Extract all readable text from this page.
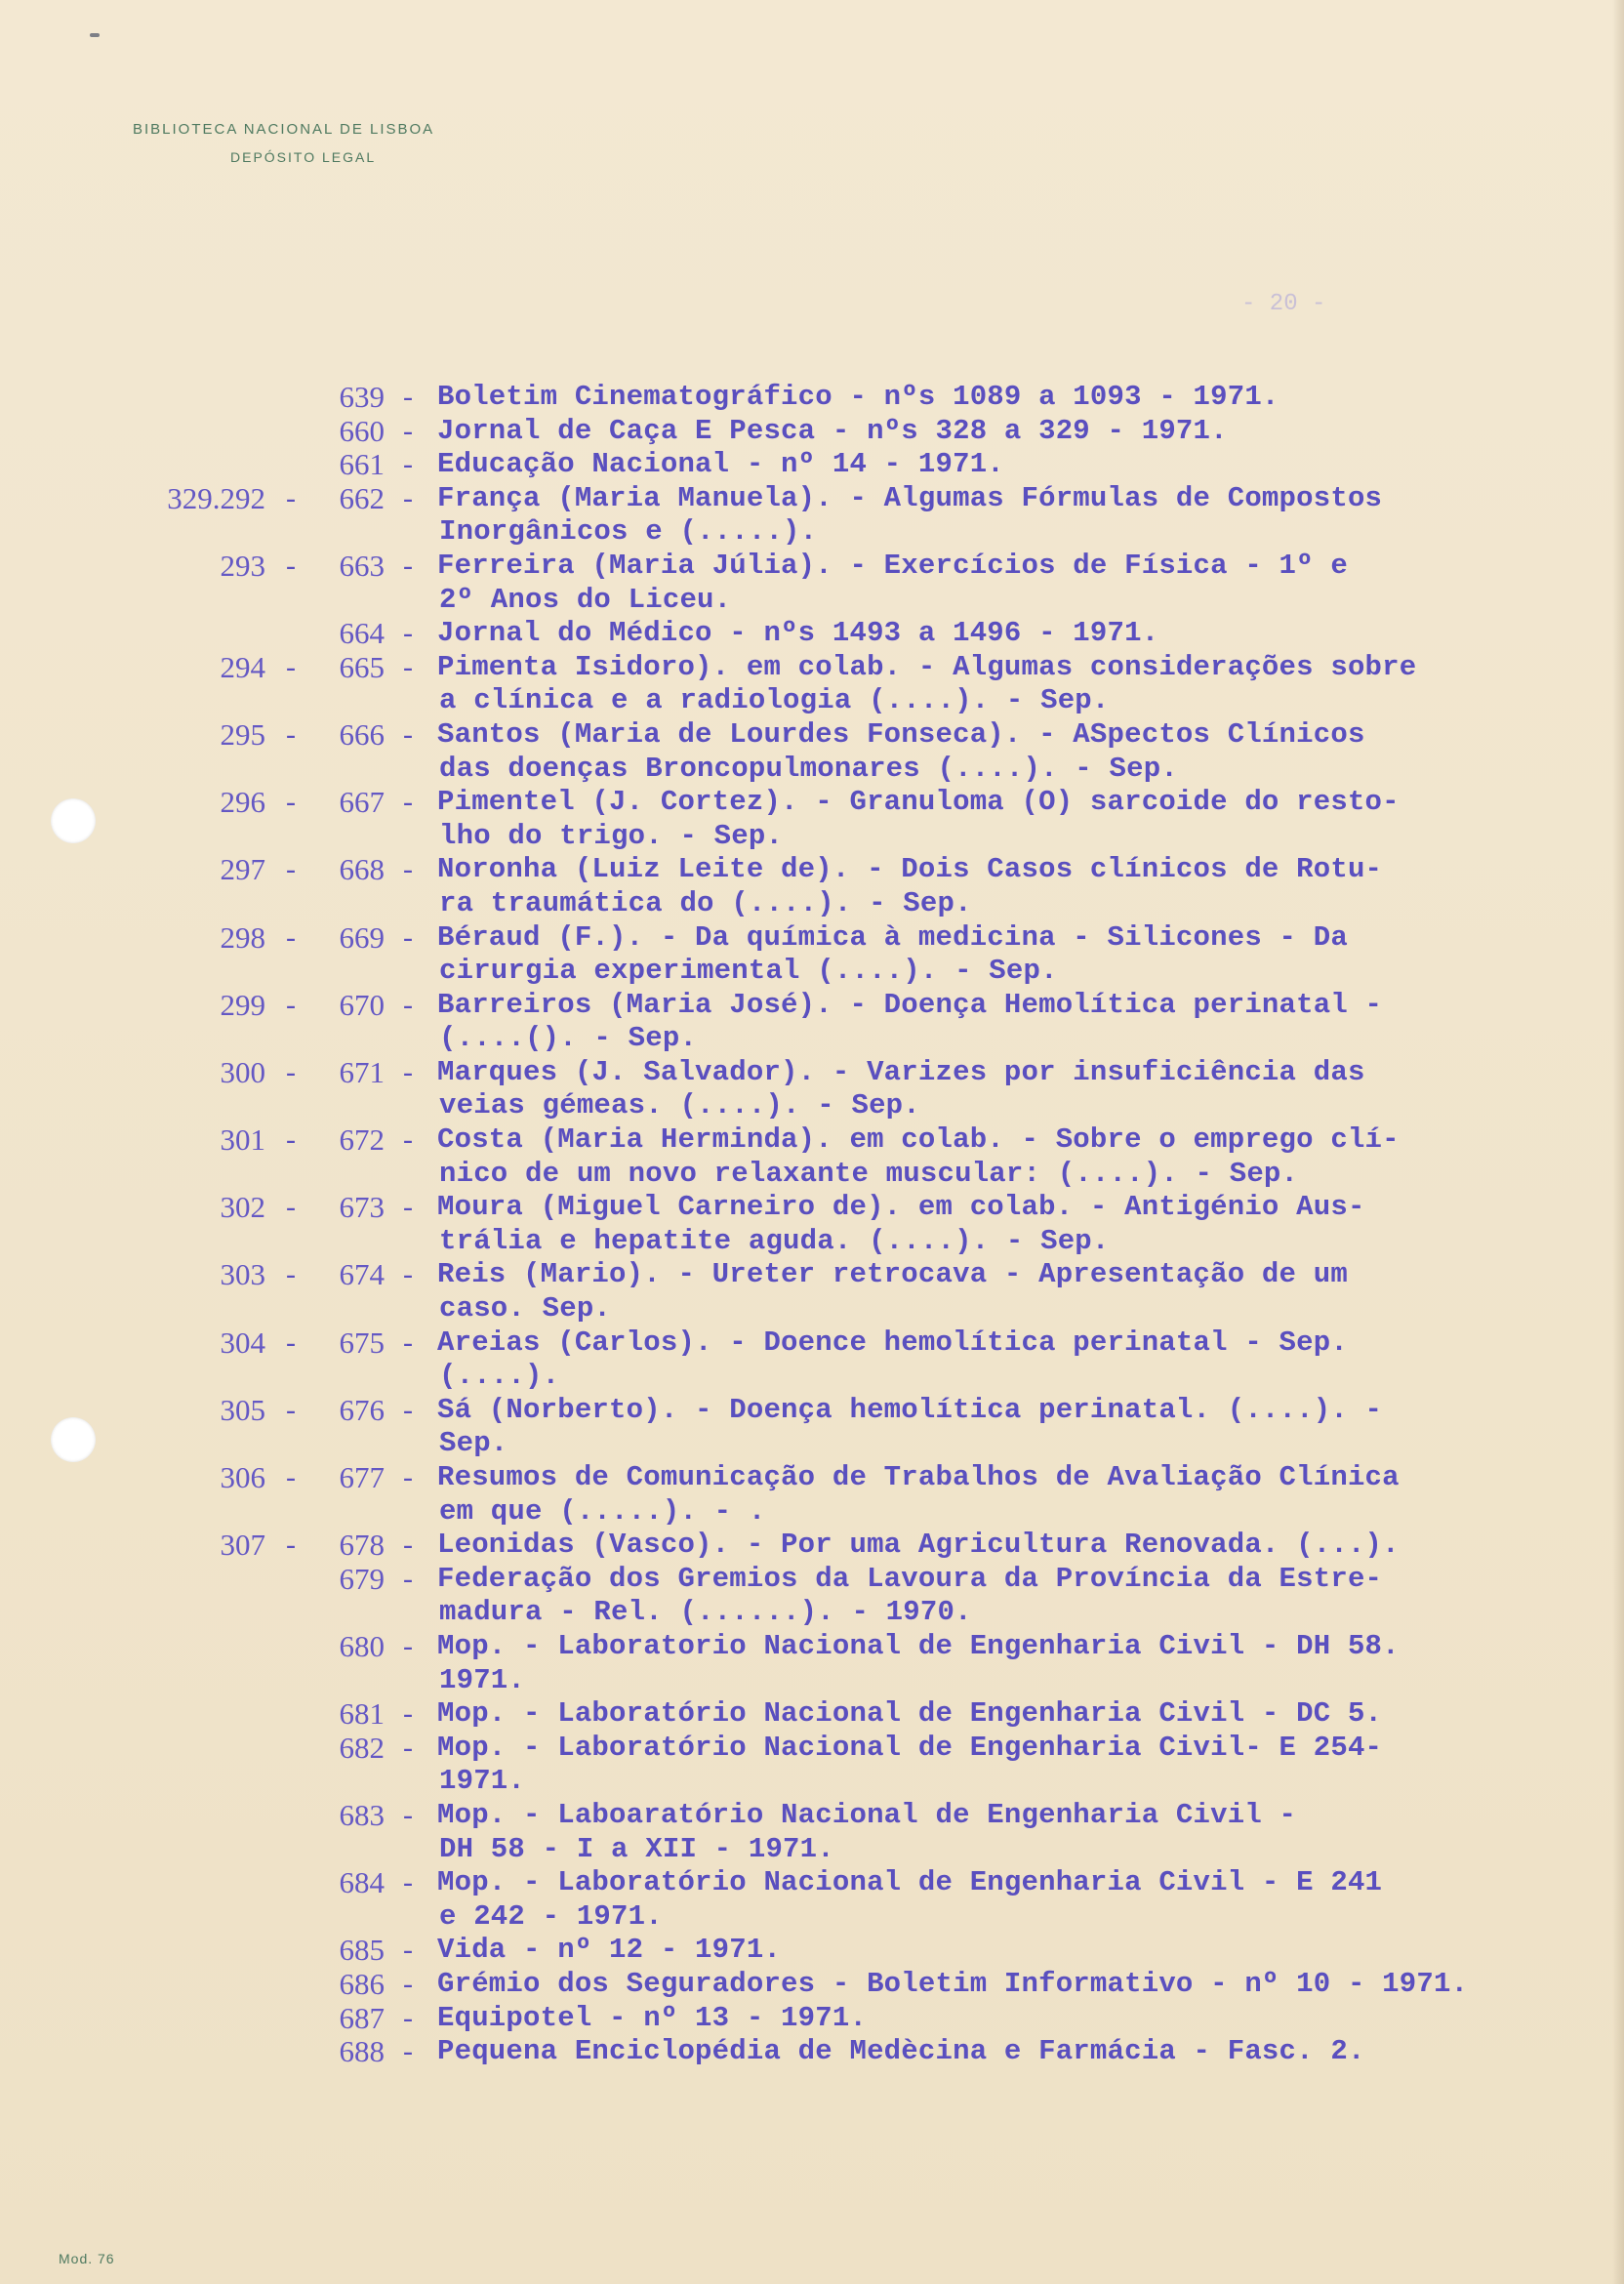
BIBLIOTECA NACIONAL DE LISBOA
DEPÓSITO LEGAL
- 20 -
639 - Boletim Cinematográfico - nºs 1089 a 1093 - 1971.
660 - Jornal de Caça E Pesca - nºs 328 a 329 - 1971.
661 - Educação Nacional - nº 14 - 1971.
329.292 -	662 - França (Maria Manuela). - Algumas Fórmulas de Compostos
Inorgânicos e (.....).
293 -	663 - Ferreira (Maria Júlia). - Exercícios de Física - 1º e
2º Anos do Liceu.
664 - Jornal do Médico - nºs 1493 a 1496 - 1971.
294 -	665 - Pimenta Isidoro). em colab. - Algumas considerações sobre
a clínica e a radiologia (....). - Sep.
295 -	666 - Santos (Maria de Lourdes Fonseca). - ASpectos Clínicos
das doenças Broncopulmonares (....). - Sep.
296 -	667 - Pimentel (J. Cortez). - Granuloma (O) sarcoide do resto-
lho do trigo. - Sep.
297 -	668 - Noronha (Luiz Leite de). - Dois Casos clínicos de Rotu-
ra traumática do (....). - Sep.
298 -	669 - Béraud (F.). - Da química à medicina - Silicones - Da
cirurgia experimental (....). - Sep.
299 -	670 - Barreiros (Maria José). - Doença Hemolítica perinatal -
(....(). - Sep.
300 -	671 - Marques (J. Salvador). - Varizes por insuficiência das
veias gémeas. (....). - Sep.
301 -	672 - Costa (Maria Herminda). em colab. - Sobre o emprego clí-
nico de um novo relaxante muscular: (....). - Sep.
302 -	673 - Moura (Miguel Carneiro de). em colab. - Antigénio Aus-
trália e hepatite aguda. (....). - Sep.
303 -	674 - Reis (Mario). - Ureter retrocava - Apresentação de um
caso. Sep.
304 -	675 - Areias (Carlos). - Doence hemolítica perinatal - Sep.
(....).
305 -	676 - Sá (Norberto). - Doença hemolítica perinatal. (....). -
Sep.
306 -	677 - Resumos de Comunicação de Trabalhos de Avaliação Clínica
em que (.....). - .
307 -	678 - Leonidas (Vasco). - Por uma Agricultura Renovada. (...).
679 - Federação dos Gremios da Lavoura da Província da Estre-
madura - Rel. (......). - 1970.
680 - Mop. - Laboratorio Nacional de Engenharia Civil - DH 58.
1971.
681 - Mop. - Laboratório Nacional de Engenharia Civil - DC 5.
682 - Mop. - Laboratório Nacional de Engenharia Civil- E 254-
1971.
683 - Mop. - Laboaratório Nacional de Engenharia Civil -
DH 58 - I a XII - 1971.
684 - Mop. - Laboratório Nacional de Engenharia Civil - E 241
e 242 - 1971.
685 - Vida - nº 12 - 1971.
686 - Grémio dos Seguradores - Boletim Informativo - nº 10 - 1971.
687 - Equipotel - nº 13 - 1971.
688 - Pequena Enciclopédia de Medècina e Farmácia - Fasc. 2.
Mod. 76
